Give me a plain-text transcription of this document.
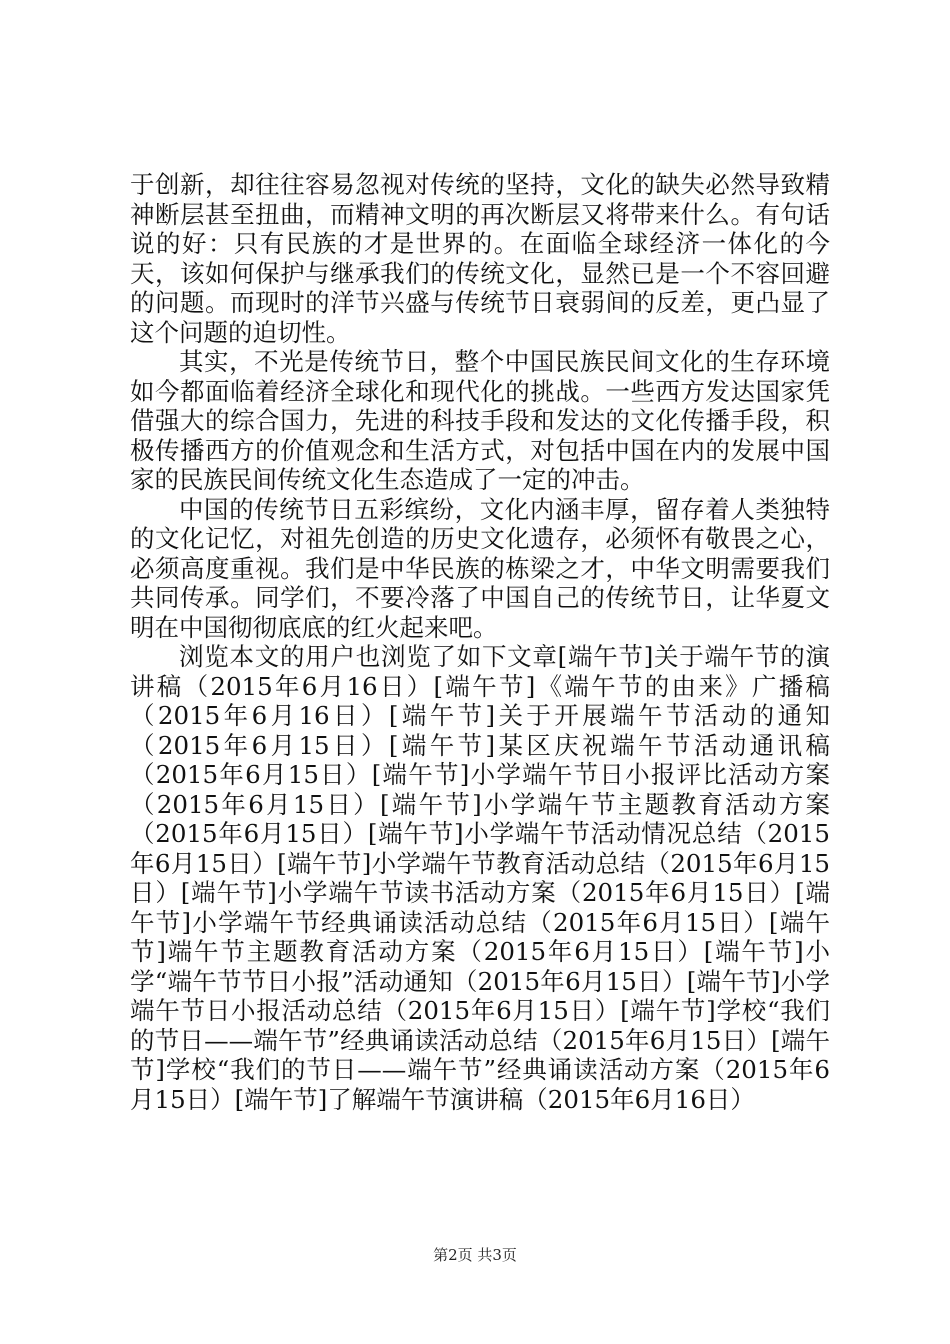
于创新，却往往容易忽视对传统的坚持，文化的缺失必然导致精神断层甚至扭曲，而精神文明的再次断层又将带来什么。有句话说的好：只有民族的才是世界的。在面临全球经济一体化的今天，该如何保护与继承我们的传统文化，显然已是一个不容回避的问题。而现时的洋节兴盛与传统节日衰弱间的反差，更凸显了这个问题的迫切性。

其实，不光是传统节日，整个中国民族民间文化的生存环境如今都面临着经济全球化和现代化的挑战。一些西方发达国家凭借强大的综合国力，先进的科技手段和发达的文化传播手段，积极传播西方的价值观念和生活方式，对包括中国在内的发展中国家的民族民间传统文化生态造成了一定的冲击。

中国的传统节日五彩缤纷，文化内涵丰厚，留存着人类独特的文化记忆，对祖先创造的历史文化遗存，必须怀有敬畏之心，必须高度重视。我们是中华民族的栋梁之才，中华文明需要我们共同传承。同学们，不要冷落了中国自己的传统节日，让华夏文明在中国彻彻底底的红火起来吧。

浏览本文的用户也浏览了如下文章[端午节]关于端午节的演讲稿（2015年6月16日）[端午节]《端午节的由来》广播稿（2015年6月16日）[端午节]关于开展端午节活动的通知（2015年6月15日）[端午节]某区庆祝端午节活动通讯稿（2015年6月15日）[端午节]小学端午节日小报评比活动方案（2015年6月15日）[端午节]小学端午节主题教育活动方案（2015年6月15日）[端午节]小学端午节活动情况总结（2015年6月15日）[端午节]小学端午节教育活动总结（2015年6月15日）[端午节]小学端午节读书活动方案（2015年6月15日）[端午节]小学端午节经典诵读活动总结（2015年6月15日）[端午节]端午节主题教育活动方案（2015年6月15日）[端午节]小学“端午节节日小报”活动通知（2015年6月15日）[端午节]小学端午节日小报活动总结（2015年6月15日）[端午节]学校“我们的节日——端午节”经典诵读活动总结（2015年6月15日）[端午节]学校“我们的节日——端午节”经典诵读活动方案（2015年6月15日）[端午节]了解端午节演讲稿（2015年6月16日）

第2页 共3页
